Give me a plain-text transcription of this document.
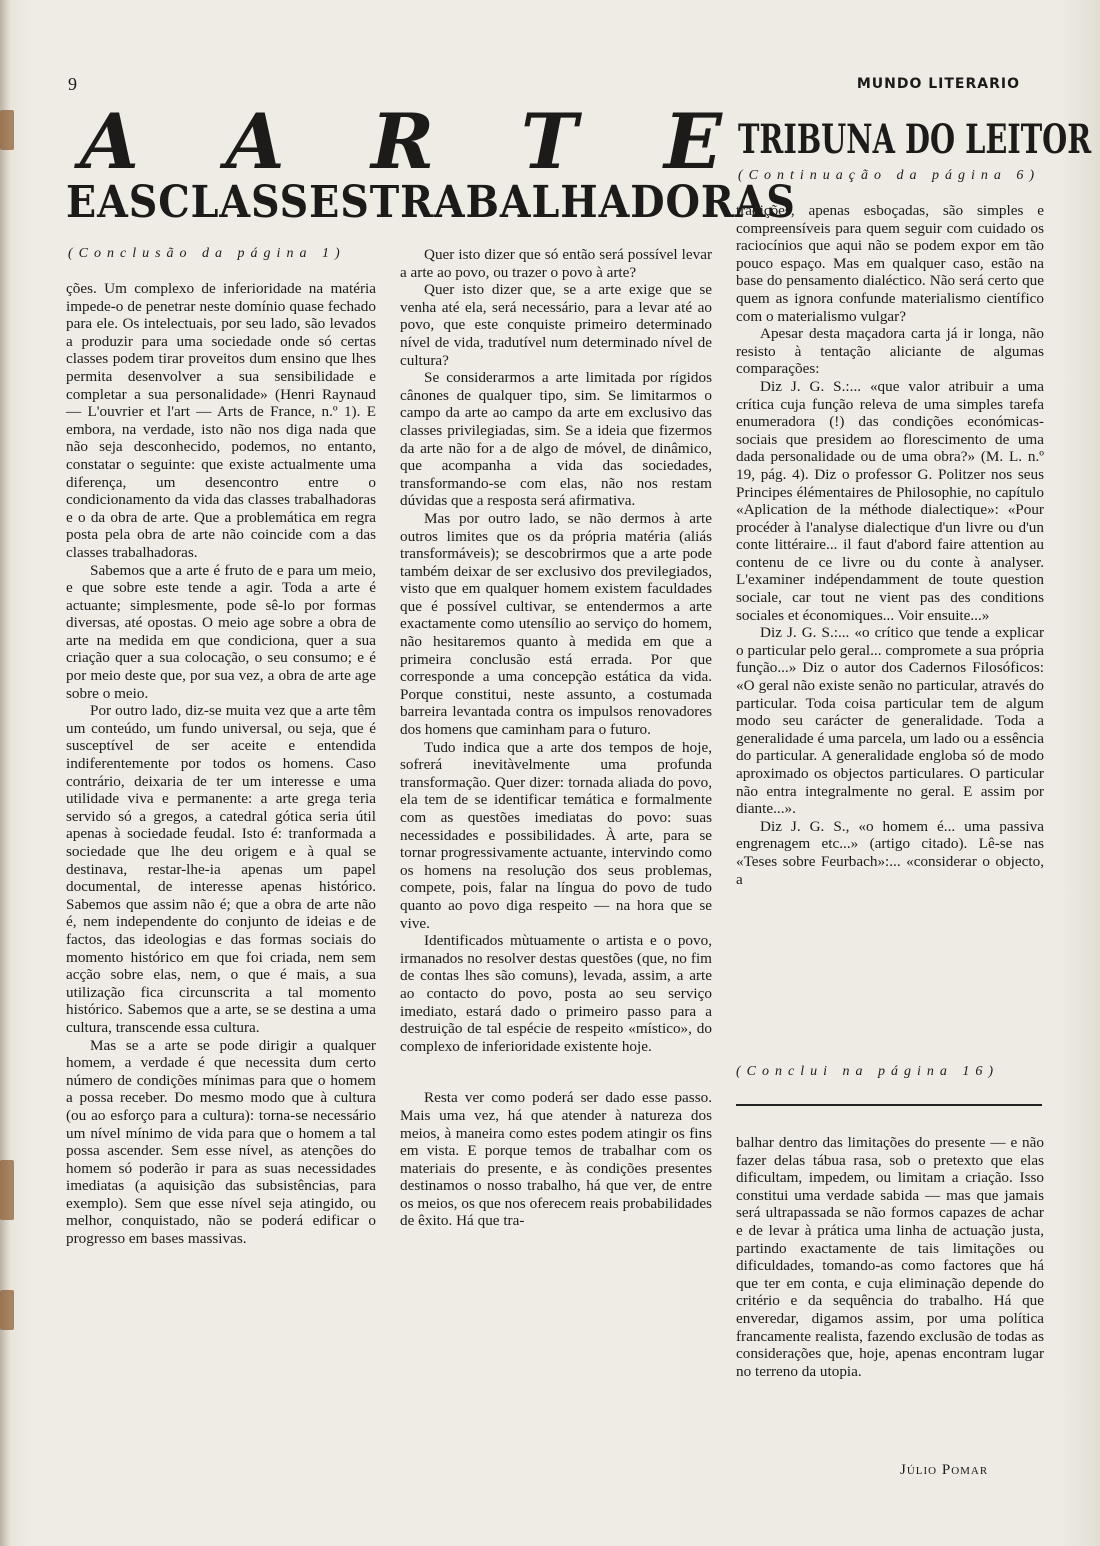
9	MUNDO LITERARIO
A A R T E
E AS CLASSES TRABALHADORAS
TRIBUNA DO LEITOR
(Continuação da página 6)
(Conclusão da página 1)

ções. Um complexo de inferioridade na matéria impede-o de penetrar neste domínio quase fechado para ele. Os intelectuais, por seu lado, são levados a produzir para uma sociedade onde só certas classes podem tirar proveitos dum ensino que lhes permita desenvolver a sua sensibilidade e completar a sua personalidade» (Henri Raynaud — L'ouvrier et l'art — Arts de France, n.º 1). E embora, na verdade, isto não nos diga nada que não seja desconhecido, podemos, no entanto, constatar o seguinte: que existe actualmente uma diferença, um desencontro entre o condicionamento da vida das classes trabalhadoras e o da obra de arte. Que a problemática em regra posta pela obra de arte não coincide com a das classes trabalhadoras.

Sabemos que a arte é fruto de e para um meio, e que sobre este tende a agir. Toda a arte é actuante; simplesmente, pode sê-lo por formas diversas, até opostas. O meio age sobre a obra de arte na medida em que condiciona, quer a sua criação quer a sua colocação, o seu consumo; e é por meio deste que, por sua vez, a obra de arte age sobre o meio.

Por outro lado, diz-se muita vez que a arte têm um conteúdo, um fundo universal, ou seja, que é susceptível de ser aceite e entendida indiferentemente por todos os homens. Caso contrário, deixaria de ter um interesse e uma utilidade viva e permanente: a arte grega teria servido só a gregos, a catedral gótica seria útil apenas à sociedade feudal. Isto é: tranformada a sociedade que lhe deu origem e à qual se destinava, restar-lhe-ia apenas um papel documental, de interesse apenas histórico. Sabemos que assim não é; que a obra de arte não é, nem independente do conjunto de ideias e de factos, das ideologias e das formas sociais do momento histórico em que foi criada, nem sem acção sobre elas, nem, o que é mais, a sua utilização fica circunscrita a tal momento histórico. Sabemos que a arte, se se destina a uma cultura, transcende essa cultura.

Mas se a arte se pode dirigir a qualquer homem, a verdade é que necessita dum certo número de condições mínimas para que o homem a possa receber. Do mesmo modo que à cultura (ou ao esforço para a cultura): torna-se necessário um nível mínimo de vida para que o homem a tal possa ascender. Sem esse nível, as atenções do homem só poderão ir para as suas necessidades imediatas (a aquisição das subsistências, para exemplo). Sem que esse nível seja atingido, ou melhor, conquistado, não se poderá edificar o progresso em bases massivas.

Quer isto dizer que só então será possível levar a arte ao povo, ou trazer o povo à arte?

Quer isto dizer que, se a arte exige que se venha até ela, será necessário, para a levar até ao povo, que este conquiste primeiro determinado nível de vida, tradutível num determinado nível de cultura?

Se considerarmos a arte limitada por rígidos cânones de qualquer tipo, sim. Se limitarmos o campo da arte ao campo da arte em exclusivo das classes privilegiadas, sim. Se a ideia que fizermos da arte não for a de algo de móvel, de dinâmico, que acompanha a vida das sociedades, transformando-se com elas, não nos restam dúvidas que a resposta será afirmativa.

Mas por outro lado, se não dermos à arte outros limites que os da própria matéria (aliás transformáveis); se descobrirmos que a arte pode também deixar de ser exclusivo dos previlegiados, visto que em qualquer homem existem faculdades que é possível cultivar, se entendermos a arte exactamente como utensílio ao serviço do homem, não hesitaremos quanto à medida em que a primeira conclusão está errada. Por que corresponde a uma concepção estática da vida. Porque constitui, neste assunto, a costumada barreira levantada contra os impulsos renovadores dos homens que caminham para o futuro.

Tudo indica que a arte dos tempos de hoje, sofrerá inevitàvelmente uma profunda transformação. Quer dizer: tornada aliada do povo, ela tem de se identificar temática e formalmente com as questões imediatas do povo: suas necessidades e possibilidades. À arte, para se tornar progressivamente actuante, intervindo como os homens na resolução dos seus problemas, compete, pois, falar na língua do povo de tudo quanto ao povo diga respeito — na hora que se vive.

Identificados mùtuamente o artista e o povo, irmanados no resolver destas questões (que, no fim de contas lhes são comuns), levada, assim, a arte ao contacto do povo, posta ao seu serviço imediato, estará dado o primeiro passo para a destruição de tal espécie de respeito «místico», do complexo de inferioridade existente hoje.

Resta ver como poderá ser dado esse passo. Mais uma vez, há que atender à natureza dos meios, à maneira como estes podem atingir os fins em vista. E porque temos de trabalhar com os materiais do presente, e às condições presentes destinamos o nosso trabalho, há que ver, de entre os meios, os que nos oferecem reais probabilidades de êxito. Há que tra-

tradições, apenas esboçadas, são simples e compreensíveis para quem seguir com cuidado os raciocínios que aqui não se podem expor em tão pouco espaço. Mas em qualquer caso, estão na base do pensamento dialéctico. Não será certo que quem as ignora confunde materialismo científico com o materialismo vulgar?

Apesar desta maçadora carta já ir longa, não resisto à tentação aliciante de algumas comparações:

Diz J. G. S.:... «que valor atribuir a uma crítica cuja função releva de uma simples tarefa enumeradora (!) das condições económicas-sociais que presidem ao florescimento de uma dada personalidade ou de uma obra?» (M. L. n.º 19, pág. 4). Diz o professor G. Politzer nos seus Principes élémentaires de Philosophie, no capítulo «Aplication de la méthode dialectique»: «Pour procéder à l'analyse dialectique d'un livre ou d'un conte littéraire... il faut d'abord faire attention au contenu de ce livre ou du conte à analyser. L'examiner indépendamment de toute question sociale, car tout ne vient pas des conditions sociales et économiques... Voir ensuite...»

Diz J. G. S.:... «o crítico que tende a explicar o particular pelo geral... compromete a sua própria função...» Diz o autor dos Cadernos Filosóficos: «O geral não existe senão no particular, através do particular. Toda coisa particular tem de algum modo seu carácter de generalidade. Toda a generalidade é uma parcela, um lado ou a essência do particular. A generalidade engloba só de modo aproximado os objectos particulares. O particular não entra integralmente no geral. E assim por diante...».

Diz J. G. S., «o homem é... uma passiva engrenagem etc...» (artigo citado). Lê-se nas «Teses sobre Feurbach»:... «considerar o objecto, a

(Conclui na página 16)

balhar dentro das limitações do presente — e não fazer delas tábua rasa, sob o pretexto que elas dificultam, impedem, ou limitam a criação. Isso constitui uma verdade sabida — mas que jamais será ultrapassada se não formos capazes de achar e de levar à prática uma linha de actuação justa, partindo exactamente de tais limitações ou dificuldades, tomando-as como factores que há que ter em conta, e cuja eliminação depende do critério e da sequência do trabalho. Há que enveredar, digamos assim, por uma política francamente realista, fazendo exclusão de todas as considerações que, hoje, apenas encontram lugar no terreno da utopia.

Júlio Pomar
